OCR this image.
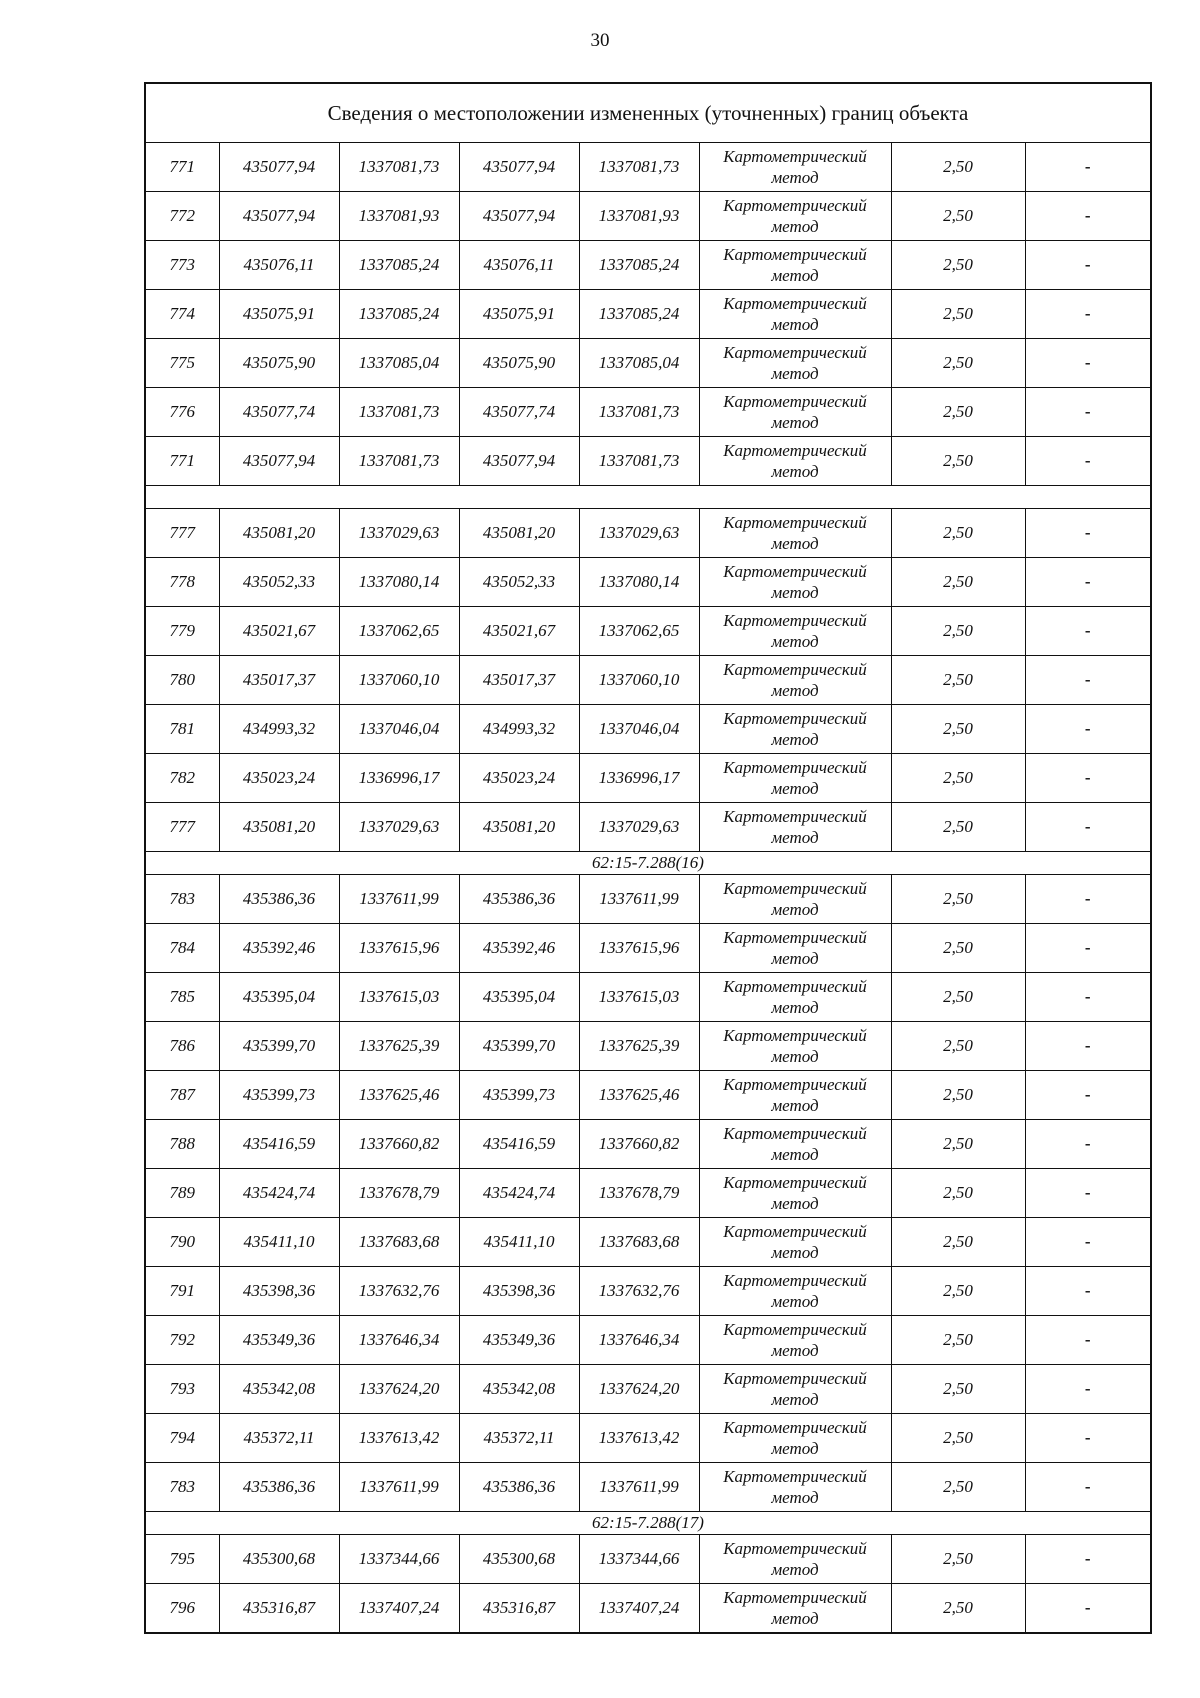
30
Сведения о местоположении измененных (уточненных) границ объекта							
771	435077,94	1337081,73	435077,94	1337081,73	Картометрический метод	2,50	-
772	435077,94	1337081,93	435077,94	1337081,93	Картометрический метод	2,50	-
773	435076,11	1337085,24	435076,11	1337085,24	Картометрический метод	2,50	-
774	435075,91	1337085,24	435075,91	1337085,24	Картометрический метод	2,50	-
775	435075,90	1337085,04	435075,90	1337085,04	Картометрический метод	2,50	-
776	435077,74	1337081,73	435077,74	1337081,73	Картометрический метод	2,50	-
771	435077,94	1337081,73	435077,94	1337081,73	Картометрический метод	2,50	-

777	435081,20	1337029,63	435081,20	1337029,63	Картометрический метод	2,50	-
778	435052,33	1337080,14	435052,33	1337080,14	Картометрический метод	2,50	-
779	435021,67	1337062,65	435021,67	1337062,65	Картометрический метод	2,50	-
780	435017,37	1337060,10	435017,37	1337060,10	Картометрический метод	2,50	-
781	434993,32	1337046,04	434993,32	1337046,04	Картометрический метод	2,50	-
782	435023,24	1336996,17	435023,24	1336996,17	Картометрический метод	2,50	-
777	435081,20	1337029,63	435081,20	1337029,63	Картометрический метод	2,50	-
62:15-7.288(16)							
783	435386,36	1337611,99	435386,36	1337611,99	Картометрический метод	2,50	-
784	435392,46	1337615,96	435392,46	1337615,96	Картометрический метод	2,50	-
785	435395,04	1337615,03	435395,04	1337615,03	Картометрический метод	2,50	-
786	435399,70	1337625,39	435399,70	1337625,39	Картометрический метод	2,50	-
787	435399,73	1337625,46	435399,73	1337625,46	Картометрический метод	2,50	-
788	435416,59	1337660,82	435416,59	1337660,82	Картометрический метод	2,50	-
789	435424,74	1337678,79	435424,74	1337678,79	Картометрический метод	2,50	-
790	435411,10	1337683,68	435411,10	1337683,68	Картометрический метод	2,50	-
791	435398,36	1337632,76	435398,36	1337632,76	Картометрический метод	2,50	-
792	435349,36	1337646,34	435349,36	1337646,34	Картометрический метод	2,50	-
793	435342,08	1337624,20	435342,08	1337624,20	Картометрический метод	2,50	-
794	435372,11	1337613,42	435372,11	1337613,42	Картометрический метод	2,50	-
783	435386,36	1337611,99	435386,36	1337611,99	Картометрический метод	2,50	-
62:15-7.288(17)							
795	435300,68	1337344,66	435300,68	1337344,66	Картометрический метод	2,50	-
796	435316,87	1337407,24	435316,87	1337407,24	Картометрический метод	2,50	-
